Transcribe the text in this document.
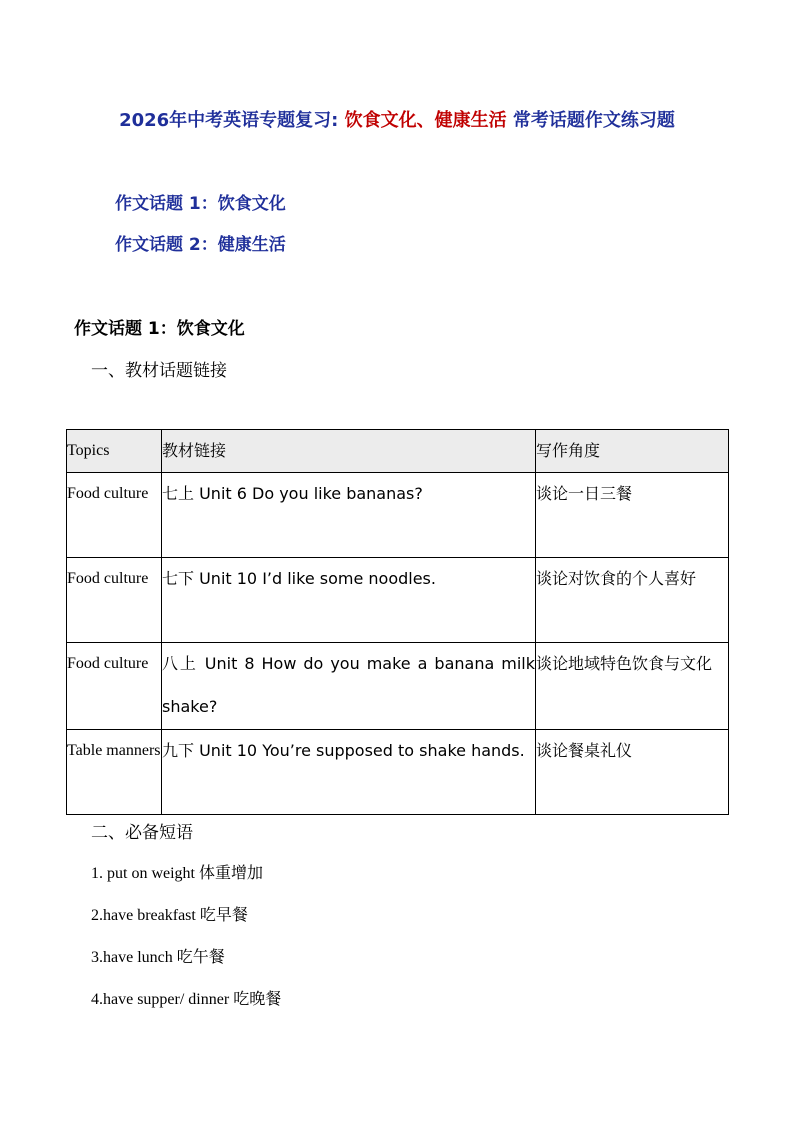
2026年中考英语专题复习: 饮食文化、健康生活 常考话题作文练习题
作文话题 1：饮食文化
作文话题 2：健康生活
作文话题 1：饮食文化
一、教材话题链接
Topics	教材链接	写作角度
Food culture	七上 Unit 6 Do you like bananas?	谈论一日三餐
Food culture	七下 Unit 10 I’d like some noodles.	谈论对饮食的个人喜好
Food culture	八上 Unit 8 How do you make a banana milk shake?	谈论地域特色饮食与文化
Table manners	九下 Unit 10 You’re supposed to shake hands.	谈论餐桌礼仪
二、必备短语
1. put on weight 体重增加
2.have breakfast 吃早餐
3.have lunch 吃午餐
4.have supper/ dinner 吃晚餐
